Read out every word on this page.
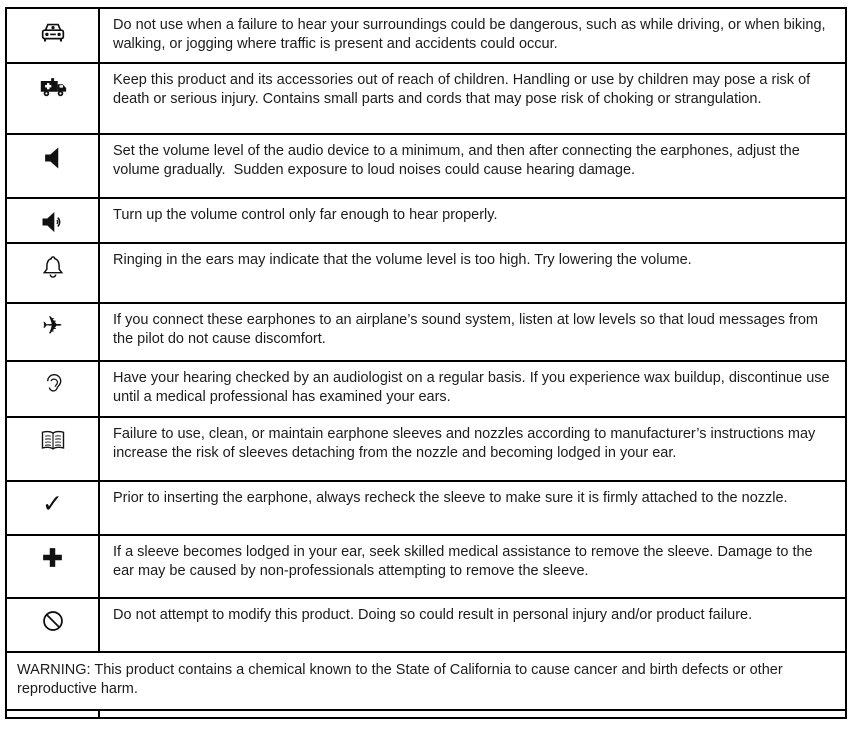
Do not use when a failure to hear your surroundings could be dangerous, such as while driving, or when biking, walking, or jogging where traffic is present and accidents could occur.

Keep this product and its accessories out of reach of children. Handling or use by children may pose a risk of death or serious injury. Contains small parts and cords that may pose risk of choking or strangulation.

Set the volume level of the audio device to a minimum, and then after connecting the earphones, adjust the volume gradually.  Sudden exposure to loud noises could cause hearing damage.

Turn up the volume control only far enough to hear properly.

Ringing in the ears may indicate that the volume level is too high. Try lowering the volume.

✈	If you connect these earphones to an airplane’s sound system, listen at low levels so that loud messages from the pilot do not cause discomfort.

Have your hearing checked by an audiologist on a regular basis. If you experience wax buildup, discontinue use until a medical professional has examined your ears.

Failure to use, clean, or maintain earphone sleeves and nozzles according to manufacturer’s instructions may increase the risk of sleeves detaching from the nozzle and becoming lodged in your ear.

✓	Prior to inserting the earphone, always recheck the sleeve to make sure it is firmly attached to the nozzle.

If a sleeve becomes lodged in your ear, seek skilled medical assistance to remove the sleeve. Damage to the ear may be caused by non-professionals attempting to remove the sleeve.

Do not attempt to modify this product. Doing so could result in personal injury and/or product failure.

WARNING: This product contains a chemical known to the State of California to cause cancer and birth defects or other reproductive harm.
